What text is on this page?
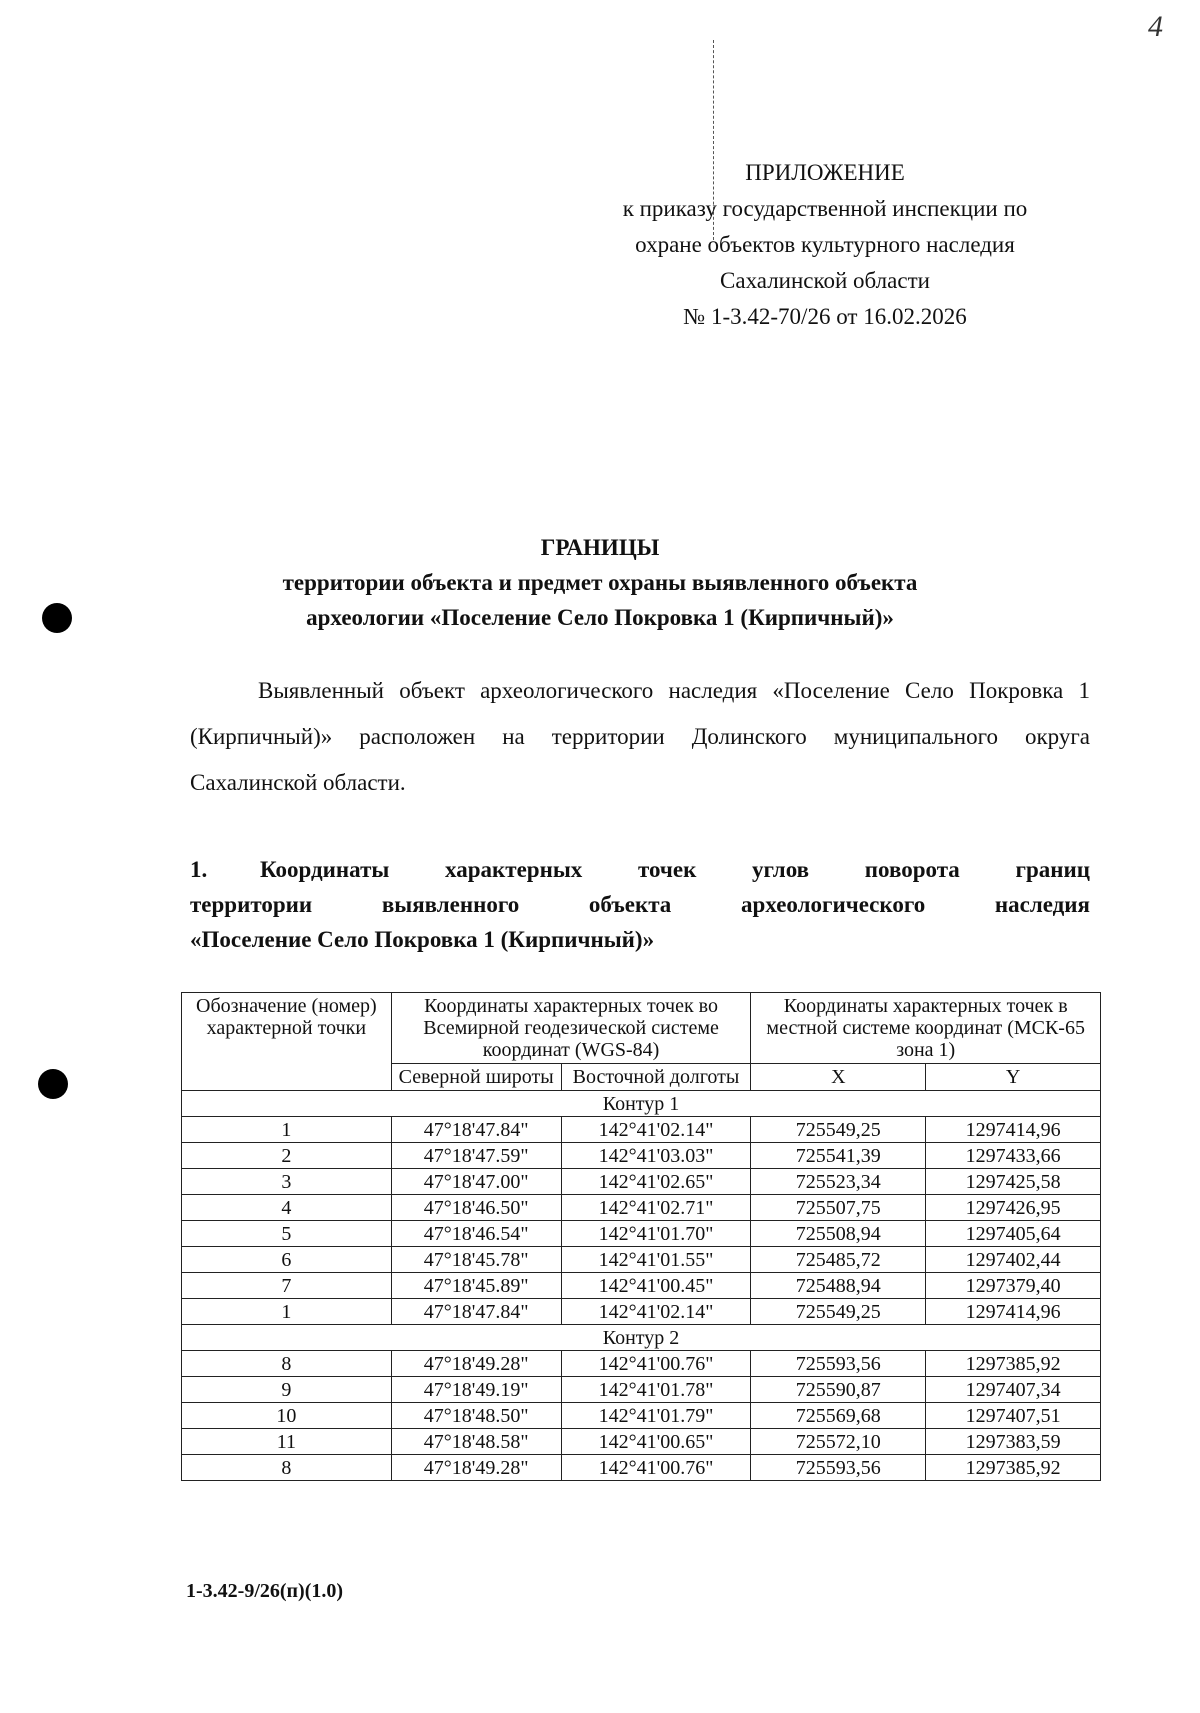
4
ПРИЛОЖЕНИЕ
к приказу государственной инспекции по
охране объектов культурного наследия
Сахалинской области
№ 1-3.42-70/26 от 16.02.2026
ГРАНИЦЫ
территории объекта и предмет охраны выявленного объекта
археологии «Поселение Село Покровка 1 (Кирпичный)»
Выявленный объект археологического наследия «Поселение Село Покровка 1 (Кирпичный)» расположен на территории Долинского муниципального округа Сахалинской области.
1. Координаты характерных точек углов поворота границ
территории выявленного объекта археологического наследия
«Поселение Село Покровка 1 (Кирпичный)»
Обозначение (номер) характерной точки	Координаты характерных точек во Всемирной геодезической системе координат (WGS-84)		Координаты характерных точек в местной системе координат (МСК-65 зона 1)	
	Северной широты	Восточной долготы	X	Y
Контур 1				
1	47°18'47.84"	142°41'02.14"	725549,25	1297414,96
2	47°18'47.59"	142°41'03.03"	725541,39	1297433,66
3	47°18'47.00"	142°41'02.65"	725523,34	1297425,58
4	47°18'46.50"	142°41'02.71"	725507,75	1297426,95
5	47°18'46.54"	142°41'01.70"	725508,94	1297405,64
6	47°18'45.78"	142°41'01.55"	725485,72	1297402,44
7	47°18'45.89"	142°41'00.45"	725488,94	1297379,40
1	47°18'47.84"	142°41'02.14"	725549,25	1297414,96
Контур 2				
8	47°18'49.28"	142°41'00.76"	725593,56	1297385,92
9	47°18'49.19"	142°41'01.78"	725590,87	1297407,34
10	47°18'48.50"	142°41'01.79"	725569,68	1297407,51
11	47°18'48.58"	142°41'00.65"	725572,10	1297383,59
8	47°18'49.28"	142°41'00.76"	725593,56	1297385,92
1-3.42-9/26(п)(1.0)
